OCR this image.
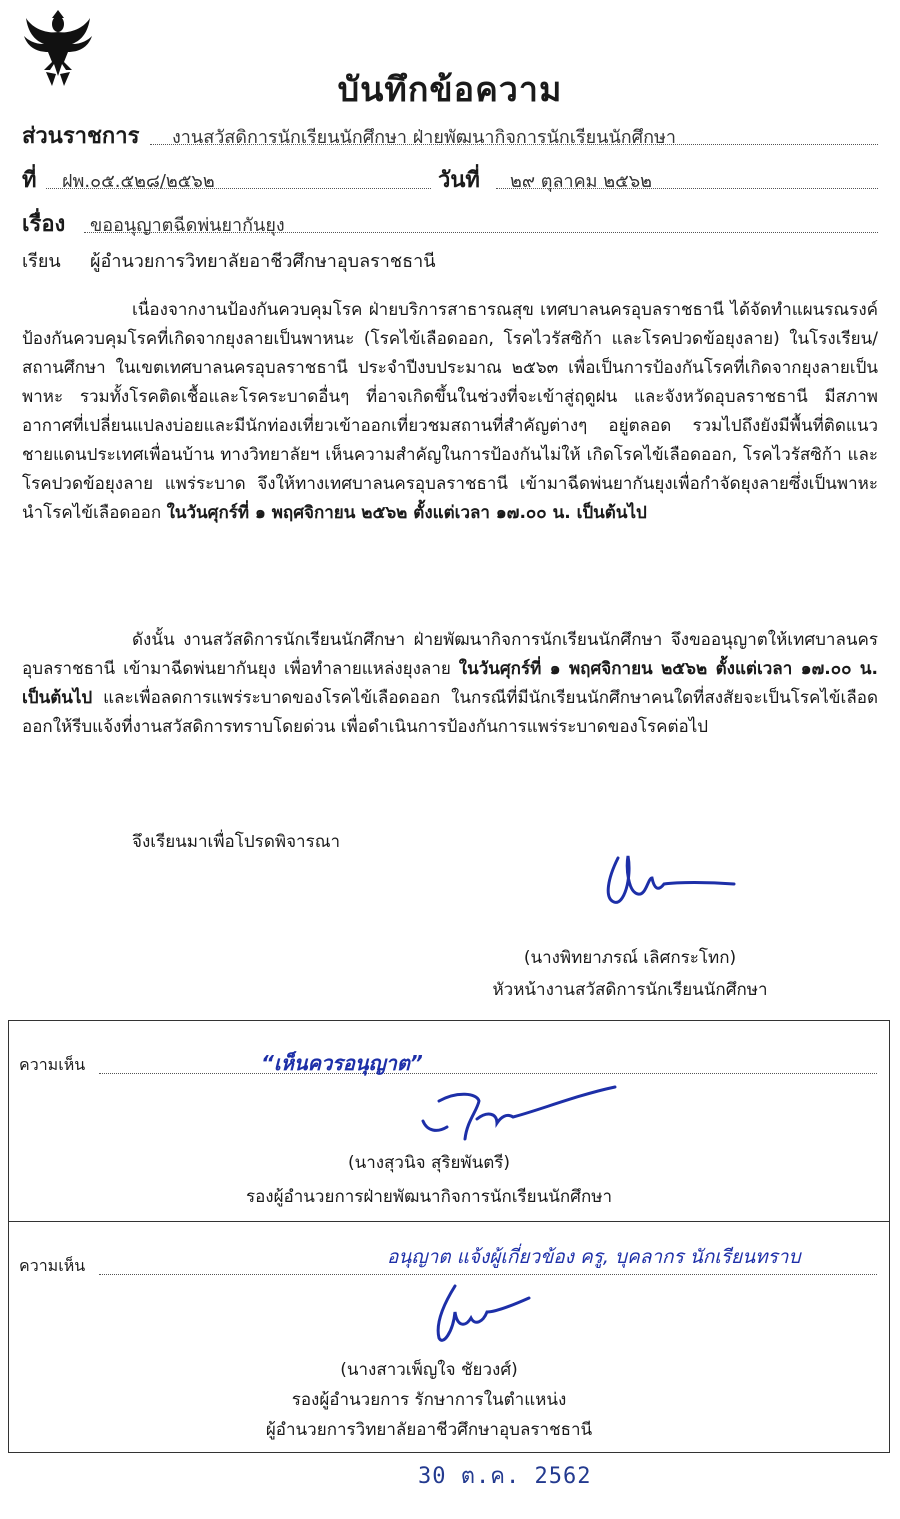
บันทึกข้อความ
ส่วนราชการ งานสวัสดิการนักเรียนนักศึกษา ฝ่ายพัฒนากิจการนักเรียนนักศึกษา
ที่ ฝพ.๐๕.๕๒๘/๒๕๖๒	วันที่ ๒๙ ตุลาคม ๒๕๖๒
เรื่อง ขออนุญาตฉีดพ่นยากันยุง
เรียน ผู้อำนวยการวิทยาลัยอาชีวศึกษาอุบลราชธานี

เนื่องจากงานป้องกันควบคุมโรค ฝ่ายบริการสาธารณสุข เทศบาลนครอุบลราชธานี ได้จัดทำแผนรณรงค์ป้องกันควบคุมโรคที่เกิดจากยุงลายเป็นพาหนะ (โรคไข้เลือดออก, โรคไวรัสซิก้า และโรคปวดข้อยุงลาย) ในโรงเรียน/สถานศึกษา ในเขตเทศบาลนครอุบลราชธานี ประจำปีงบประมาณ ๒๕๖๓ เพื่อเป็นการป้องกันโรคที่เกิดจากยุงลายเป็นพาหะ รวมทั้งโรคติดเชื้อและโรคระบาดอื่นๆ ที่อาจเกิดขึ้นในช่วงที่จะเข้าสู่ฤดูฝน และจังหวัดอุบลราชธานี มีสภาพอากาศที่เปลี่ยนแปลงบ่อยและมีนักท่องเที่ยวเข้าออกเที่ยวชมสถานที่สำคัญต่างๆ อยู่ตลอด รวมไปถึงยังมีพื้นที่ติดแนวชายแดนประเทศเพื่อนบ้าน ทางวิทยาลัยฯ เห็นความสำคัญในการป้องกันไม่ให้ เกิดโรคไข้เลือดออก, โรคไวรัสซิก้า และโรคปวดข้อยุงลาย แพร่ระบาด จึงให้ทางเทศบาลนครอุบลราชธานี เข้ามาฉีดพ่นยากันยุงเพื่อกำจัดยุงลายซึ่งเป็นพาหะนำโรคไข้เลือดออก ในวันศุกร์ที่ ๑ พฤศจิกายน ๒๕๖๒ ตั้งแต่เวลา ๑๗.๐๐ น. เป็นต้นไป

ดังนั้น งานสวัสดิการนักเรียนนักศึกษา ฝ่ายพัฒนากิจการนักเรียนนักศึกษา จึงขออนุญาตให้เทศบาลนครอุบลราชธานี เข้ามาฉีดพ่นยากันยุง เพื่อทำลายแหล่งยุงลาย ในวันศุกร์ที่ ๑ พฤศจิกายน ๒๕๖๒ ตั้งแต่เวลา ๑๗.๐๐ น. เป็นต้นไป และเพื่อลดการแพร่ระบาดของโรคไข้เลือดออก ในกรณีที่มีนักเรียนนักศึกษาคนใดที่สงสัยจะเป็นโรคไข้เลือดออกให้รีบแจ้งที่งานสวัสดิการทราบโดยด่วน เพื่อดำเนินการป้องกันการแพร่ระบาดของโรคต่อไป

จึงเรียนมาเพื่อโปรดพิจารณา
(นางพิทยาภรณ์ เลิศกระโทก)
หัวหน้างานสวัสดิการนักเรียนนักศึกษา
ความเห็น	“เห็นควรอนุญาต”
(นางสุวนิจ สุริยพันตรี)
รองผู้อำนวยการฝ่ายพัฒนากิจการนักเรียนนักศึกษา
ความเห็น	อนุญาต แจ้งผู้เกี่ยวข้อง ครู, บุคลากร นักเรียนทราบ
(นางสาวเพ็ญใจ ชัยวงศ์)
รองผู้อำนวยการ รักษาการในตำแหน่ง
ผู้อำนวยการวิทยาลัยอาชีวศึกษาอุบลราชธานี
30 ต.ค. 2562
